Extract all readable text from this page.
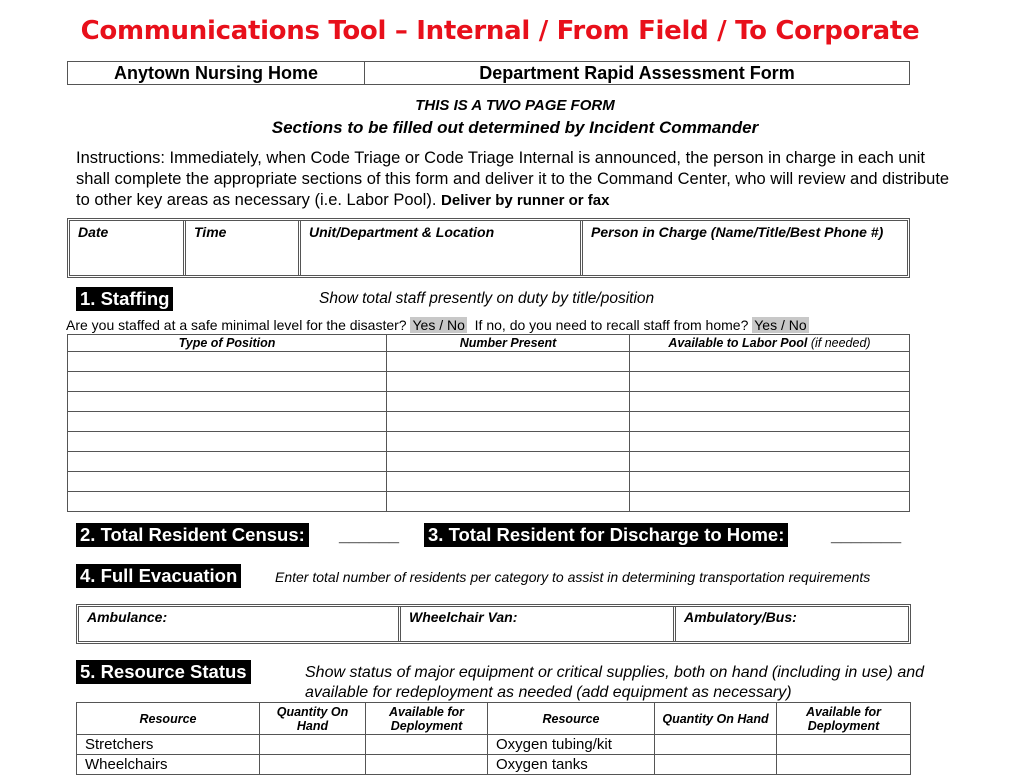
Communications Tool – Internal / From Field / To Corporate
Anytown Nursing Home	Department Rapid Assessment Form
THIS IS A TWO PAGE FORM
Sections to be filled out determined by Incident Commander
Instructions: Immediately, when Code Triage or Code Triage Internal is announced, the person in charge in each unit shall complete the appropriate sections of this form and deliver it to the Command Center, who will review and distribute to other key areas as necessary (i.e. Labor Pool). Deliver by runner or fax
Date	Time	Unit/Department & Location	Person in Charge (Name/Title/Best Phone #)
1. Staffing	Show total staff presently on duty by title/position
Are you staffed at a safe minimal level for the disaster? Yes / No If no, do you need to recall staff from home? Yes / No
Type of Position	Number Present	Available to Labor Pool (if needed)

2. Total Resident Census: ______ 3. Total Resident for Discharge to Home:	_______
4. Full Evacuation	Enter total number of residents per category to assist in determining transportation requirements
Ambulance:	Wheelchair Van:	Ambulatory/Bus:
5. Resource Status	Show status of major equipment or critical supplies, both on hand (including in use) and available for redeployment as needed (add equipment as necessary)
Resource	Quantity On Hand	Available for Deployment	Resource	Quantity On Hand	Available for Deployment
Stretchers			Oxygen tubing/kit		
Wheelchairs			Oxygen tanks		
